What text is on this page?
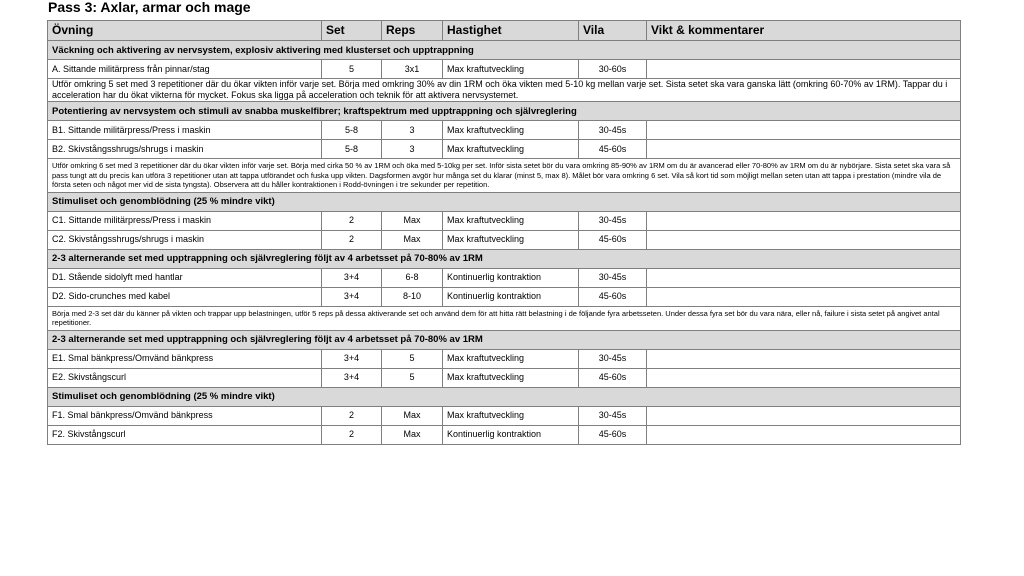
Pass 3: Axlar, armar och mage
Övning	Set	Reps	Hastighet	Vila	Vikt & kommentarer
Väckning och aktivering av nervsystem, explosiv aktivering med klusterset och upptrappning					
A. Sittande militärpress från pinnar/stag	5	3x1	Max kraftutveckling	30-60s	
Utför omkring 5 set med 3 repetitioner där du ökar vikten inför varje set. Börja med omkring 30% av din 1RM och öka vikten med 5-10 kg mellan varje set. Sista setet ska vara ganska lätt (omkring 60-70% av 1RM). Tappar du i acceleration har du ökat vikterna för mycket. Fokus ska ligga på acceleration och teknik för att aktivera nervsystemet.					
Potentiering av nervsystem och stimuli av snabba muskelfibrer; kraftspektrum med upptrappning och självreglering					
B1. Sittande militärpress/Press i maskin	5-8	3	Max kraftutveckling	30-45s	
B2. Skivstångsshrugs/shrugs i maskin	5-8	3	Max kraftutveckling	45-60s	
Utför omkring 6 set med 3 repetitioner där du ökar vikten inför varje set. Börja med cirka 50 % av 1RM och öka med 5-10kg per set. Inför sista setet bör du vara omkring 85-90% av 1RM om du är avancerad eller 70-80% av 1RM om du är nybörjare. Sista setet ska vara så pass tungt att du precis kan utföra 3 repetitioner utan att tappa utförandet och fuska upp vikten. Dagsformen avgör hur många set du klarar (minst 5, max 8). Målet bör vara omkring 6 set. Vila så kort tid som möjligt mellan seten utan att tappa i prestation (mindre vila de första seten och något mer vid de sista tyngsta). Observera att du håller kontraktionen i Rodd-övningen i tre sekunder per repetition.					
Stimuliset och genomblödning (25 % mindre vikt)					
C1. Sittande militärpress/Press i maskin	2	Max	Max kraftutveckling	30-45s	
C2. Skivstångsshrugs/shrugs i maskin	2	Max	Max kraftutveckling	45-60s	
2-3 alternerande set med upptrappning och självreglering följt av 4 arbetsset på 70-80% av 1RM					
D1. Stående sidolyft med hantlar	3+4	6-8	Kontinuerlig kontraktion	30-45s	
D2. Sido-crunches med kabel	3+4	8-10	Kontinuerlig kontraktion	45-60s	
Börja med 2-3 set där du känner på vikten och trappar upp belastningen, utför 5 reps på dessa aktiverande set och använd dem för att hitta rätt belastning i de följande fyra arbetsseten. Under dessa fyra set bör du vara nära, eller nå, failure i sista setet på angivet antal repetitioner.					
2-3 alternerande set med upptrappning och självreglering följt av 4 arbetsset på 70-80% av 1RM					
E1. Smal bänkpress/Omvänd bänkpress	3+4	5	Max kraftutveckling	30-45s	
E2. Skivstångscurl	3+4	5	Max kraftutveckling	45-60s	
Stimuliset och genomblödning (25 % mindre vikt)					
F1. Smal bänkpress/Omvänd bänkpress	2	Max	Max kraftutveckling	30-45s	
F2. Skivstångscurl	2	Max	Kontinuerlig kontraktion	45-60s	
